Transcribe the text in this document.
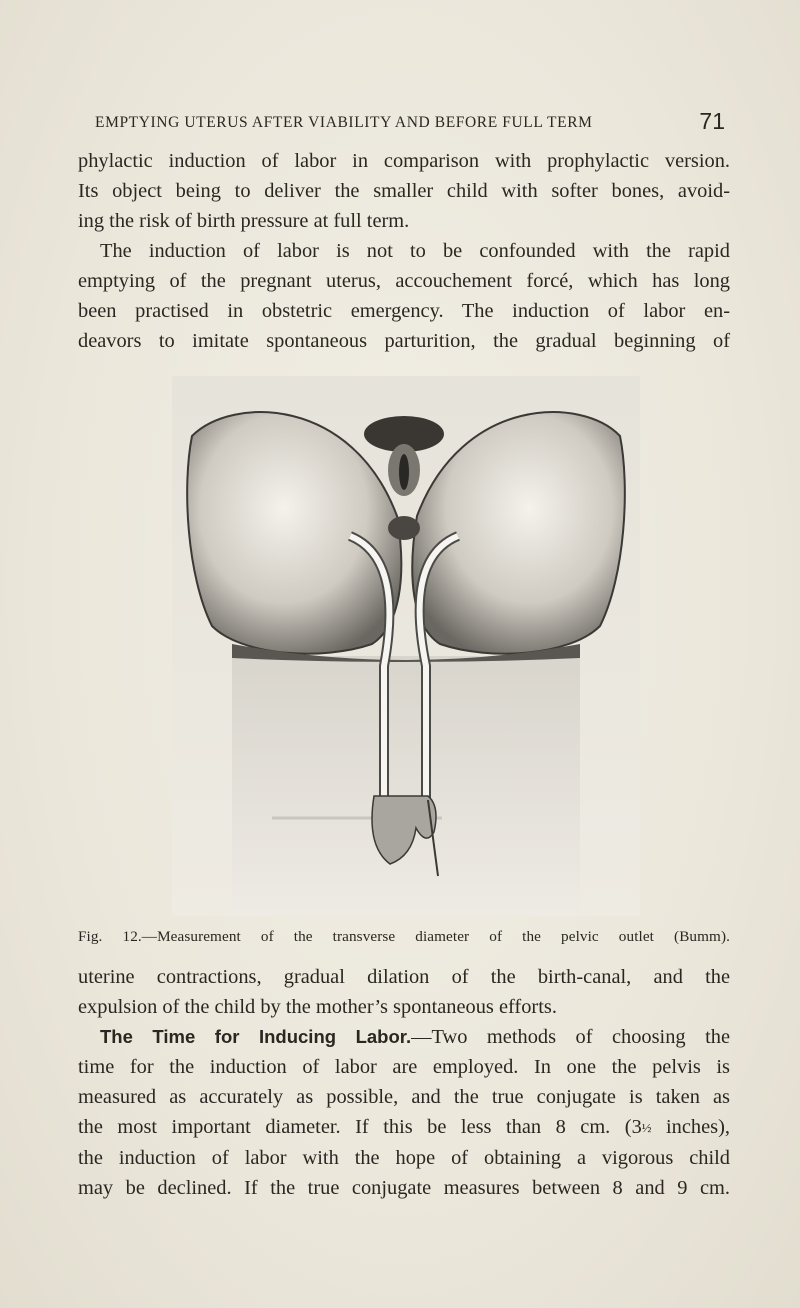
EMPTYING UTERUS AFTER VIABILITY AND BEFORE FULL TERM	71

phylactic induction of labor in comparison with prophylactic version.
Its object being to deliver the smaller child with softer bones, avoid-
ing the risk of birth pressure at full term.

The induction of labor is not to be confounded with the rapid
emptying of the pregnant uterus, accouchement forcé, which has long
been practised in obstetric emergency. The induction of labor en-
deavors to imitate spontaneous parturition, the gradual beginning of

Fig. 12.—Measurement of the transverse diameter of the pelvic outlet (Bumm).

uterine contractions, gradual dilation of the birth-canal, and the
expulsion of the child by the mother’s spontaneous efforts.

The Time for Inducing Labor.—Two methods of choosing the
time for the induction of labor are employed. In one the pelvis is
measured as accurately as possible, and the true conjugate is taken as
the most important diameter. If this be less than 8 cm. (3½ inches),
the induction of labor with the hope of obtaining a vigorous child
may be declined. If the true conjugate measures between 8 and 9 cm.
